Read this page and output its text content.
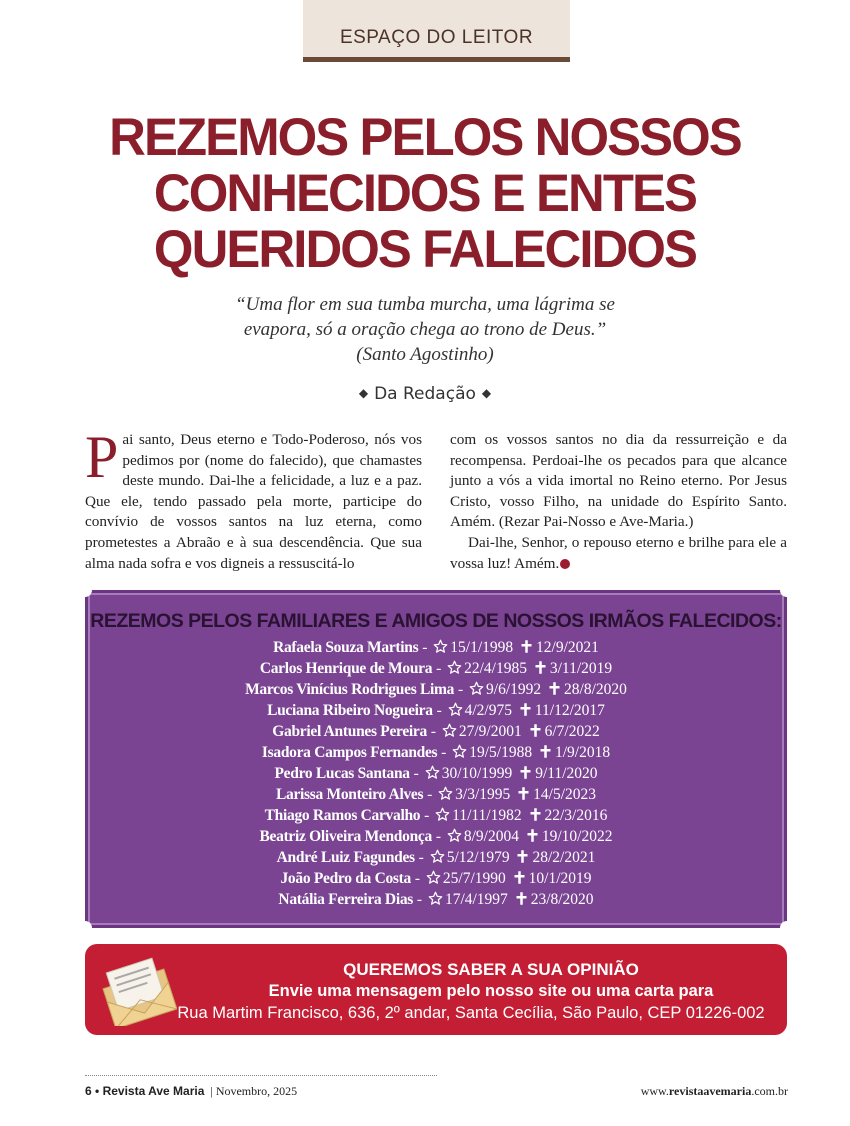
ESPAÇO DO LEITOR
REZEMOS PELOS NOSSOS
CONHECIDOS E ENTES
QUERIDOS FALECIDOS
“Uma flor em sua tumba murcha, uma lágrima se
evapora, só a oração chega ao trono de Deus.”
(Santo Agostinho)
◆ Da Redação ◆

Pai santo, Deus eterno e Todo-Poderoso, nós vos pedimos por (nome do falecido), que chamastes deste mundo. Dai-lhe a felicidade, a luz e a paz. Que ele, tendo passado pela morte, participe do convívio de vossos santos na luz eterna, como prometestes a Abraão e à sua descendência. Que sua alma nada sofra e vos digneis a ressuscitá-lo

com os vossos santos no dia da ressurreição e da recompensa. Perdoai-lhe os pecados para que alcance junto a vós a vida imortal no Reino eterno. Por Jesus Cristo, vosso Filho, na unidade do Espírito Santo. Amém. (Rezar Pai-Nosso e Ave-Maria.)

Dai-lhe, Senhor, o repouso eterno e brilhe para ele a vossa luz! Amém.

REZEMOS PELOS FAMILIARES E AMIGOS DE NOSSOS IRMÃOS FALECIDOS:
Rafaela Souza Martins - 15/1/1998 12/9/2021
Carlos Henrique de Moura - 22/4/1985 3/11/2019
Marcos Vinícius Rodrigues Lima - 9/6/1992 28/8/2020
Luciana Ribeiro Nogueira - 4/2/975 11/12/2017
Gabriel Antunes Pereira - 27/9/2001 6/7/2022
Isadora Campos Fernandes - 19/5/1988 1/9/2018
Pedro Lucas Santana - 30/10/1999 9/11/2020
Larissa Monteiro Alves - 3/3/1995 14/5/2023
Thiago Ramos Carvalho - 11/11/1982 22/3/2016
Beatriz Oliveira Mendonça - 8/9/2004 19/10/2022
André Luiz Fagundes - 5/12/1979 28/2/2021
João Pedro da Costa - 25/7/1990 10/1/2019
Natália Ferreira Dias - 17/4/1997 23/8/2020
QUEREMOS SABER A SUA OPINIÃO
Envie uma mensagem pelo nosso site ou uma carta para
Rua Martim Francisco, 636, 2º andar, Santa Cecília, São Paulo, CEP 01226-002
6 • Revista Ave Maria  | Novembro, 2025	www.revistaavemaria.com.br
